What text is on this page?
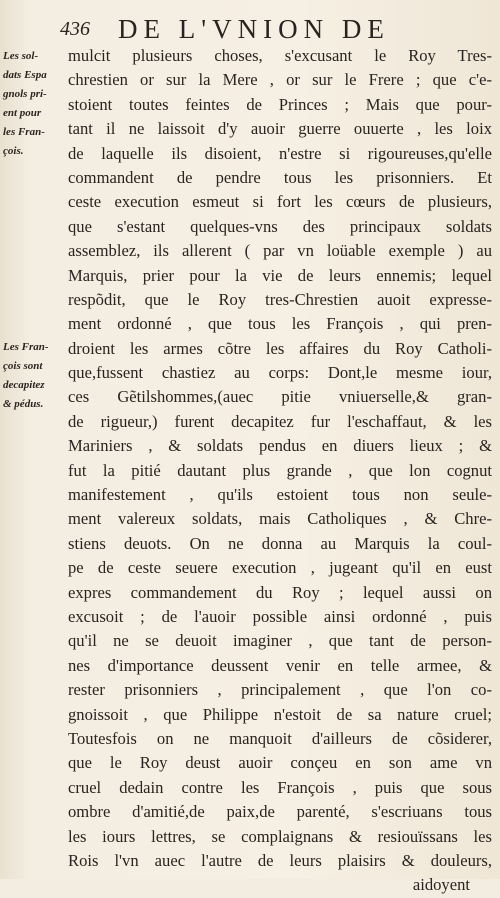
436 DE L'VNION DE
Les sol-
dats Espa
gnols pri-
ent pour
les Fran-
çois.
Les Fran-
çois sont
decapitez
& pédus.
mulcit plusieurs choses, s'excusant le Roy Tres-
chrestien or sur la Mere , or sur le Frere ; que c'e-
stoient toutes feintes de Princes ; Mais que pour-
tant il ne laissoit d'y auoir guerre ouuerte , les loix
de laquelle ils disoient, n'estre si rigoureuses,qu'elle
commandent de pendre tous les prisonniers. Et
ceste execution esmeut si fort les cœurs de plusieurs,
que s'estant quelques-vns des principaux soldats
assemblez, ils allerent ( par vn loüable exemple ) au
Marquis, prier pour la vie de leurs ennemis; lequel
respõdit, que le Roy tres-Chrestien auoit expresse-
ment ordonné , que tous les François , qui pren-
droient les armes cõtre les affaires du Roy Catholi-
que,fussent chastiez au corps: Dont,le mesme iour,
ces Gẽtilshommes,(auec pitie vniuerselle,& gran-
de rigueur,) furent decapitez fur l'eschaffaut, & les
Mariniers , & soldats pendus en diuers lieux ; &
fut la pitié dautant plus grande , que lon cognut
manifestement , qu'ils estoient tous non seule-
ment valereux soldats, mais Catholiques , & Chre-
stiens deuots. On ne donna au Marquis la coul-
pe de ceste seuere execution , jugeant qu'il en eust
expres commandement du Roy ; lequel aussi on
excusoit ; de l'auoir possible ainsi ordonné , puis
qu'il ne se deuoit imaginer , que tant de person-
nes d'importance deussent venir en telle armee, &
rester prisonniers , principalement , que l'on co-
gnoissoit , que Philippe n'estoit de sa nature cruel;
Toutesfois on ne manquoit d'ailleurs de cõsiderer,
que le Roy deust auoir conçeu en son ame vn
cruel dedain contre les François , puis que sous
ombre d'amitié,de paix,de parenté, s'escriuans tous
les iours lettres, se complaignans & resiouïssans les
Rois l'vn auec l'autre de leurs plaisirs & douleurs,
aidoyent
